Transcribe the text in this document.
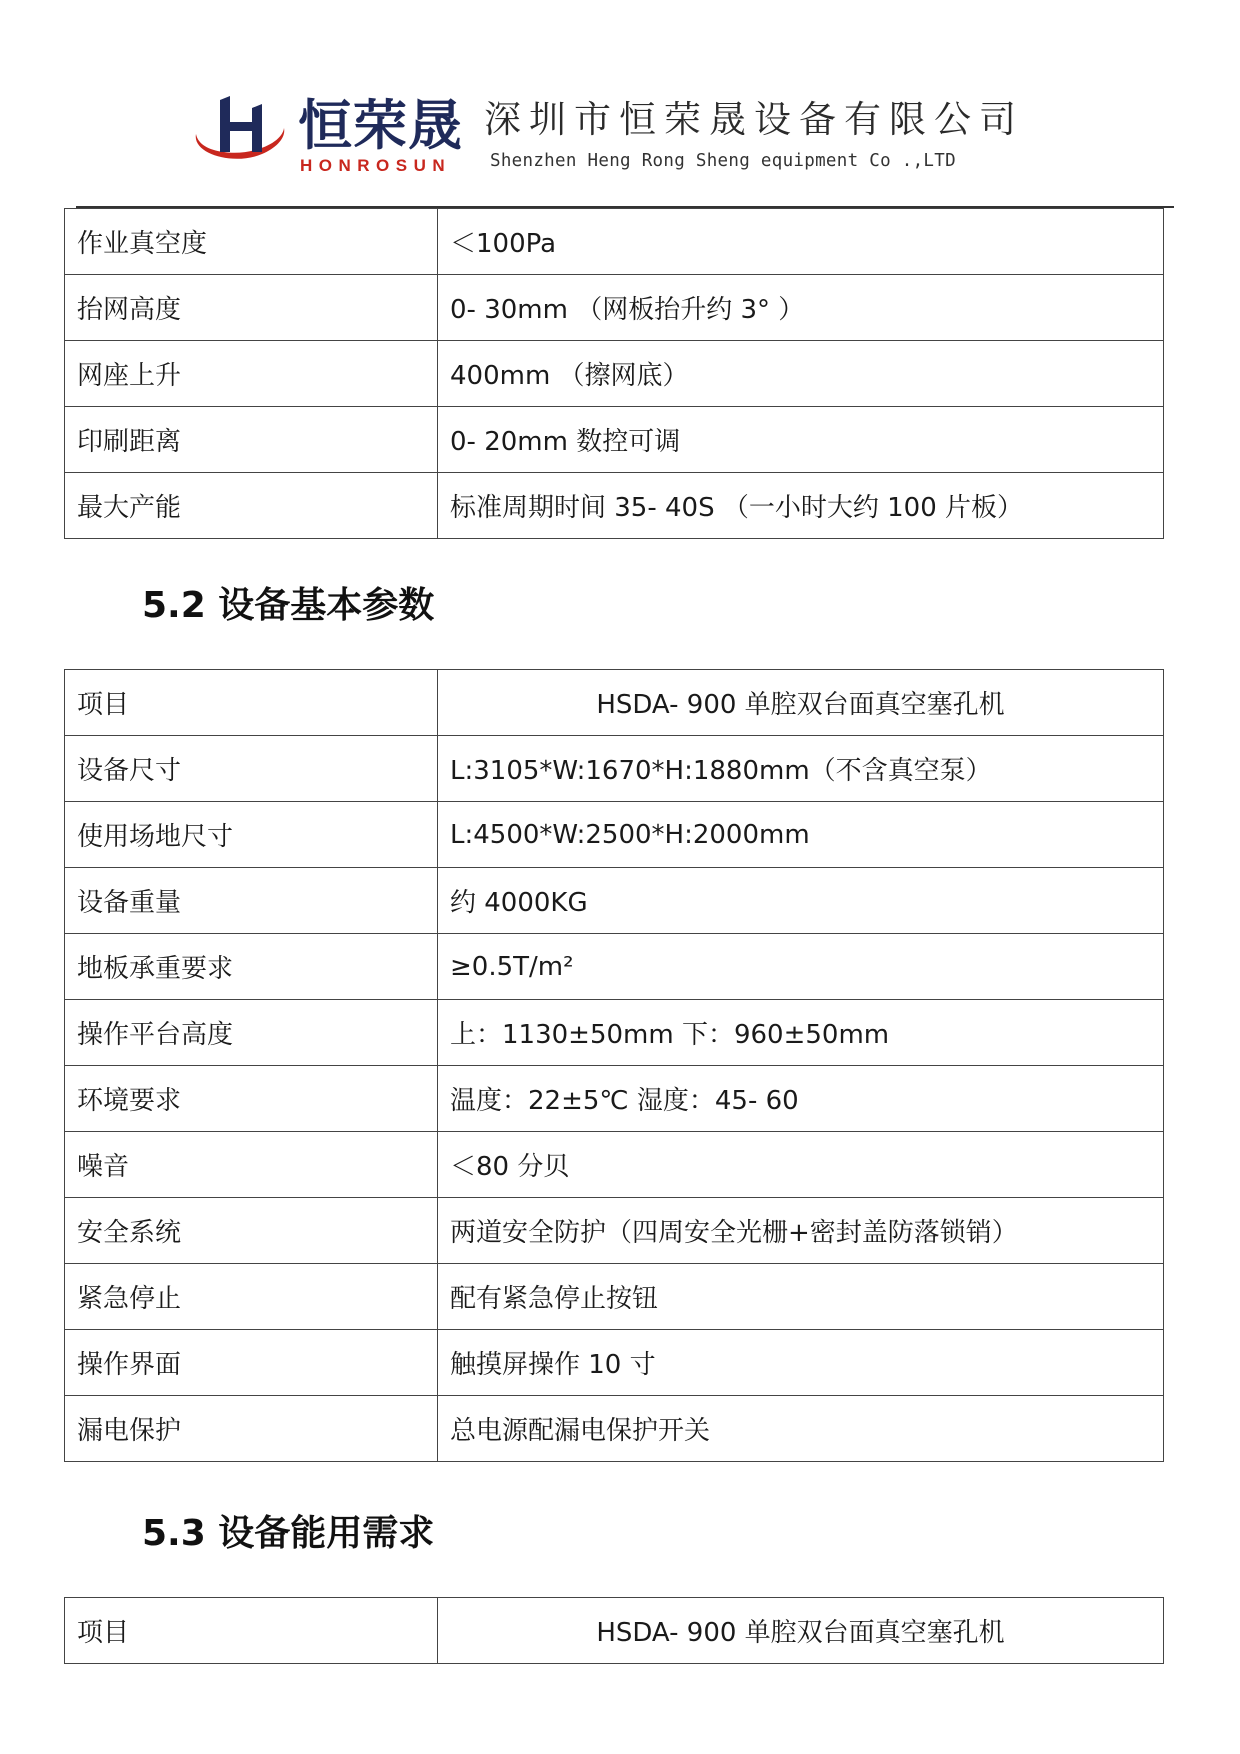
恒荣晟
HONROSUN
深圳市恒荣晟设备有限公司
Shenzhen Heng Rong Sheng equipment Co .,LTD
作业真空度	＜100Pa
抬网高度	0- 30mm （网板抬升约 3° ）
网座上升	400mm （擦网底）
印刷距离	0- 20mm 数控可调
最大产能	标准周期时间 35- 40S （一小时大约 100 片板）
5.2 设备基本参数
项目	HSDA- 900 单腔双台面真空塞孔机
设备尺寸	L:3105*W:1670*H:1880mm（不含真空泵）
使用场地尺寸	L:4500*W:2500*H:2000mm
设备重量	约 4000KG
地板承重要求	≥0.5T/m²
操作平台高度	上：1130±50mm 下：960±50mm
环境要求	温度：22±5℃ 湿度：45- 60
噪音	＜80 分贝
安全系统	两道安全防护（四周安全光栅+密封盖防落锁销）
紧急停止	配有紧急停止按钮
操作界面	触摸屏操作 10 寸
漏电保护	总电源配漏电保护开关
5.3 设备能用需求
项目	HSDA- 900 单腔双台面真空塞孔机
